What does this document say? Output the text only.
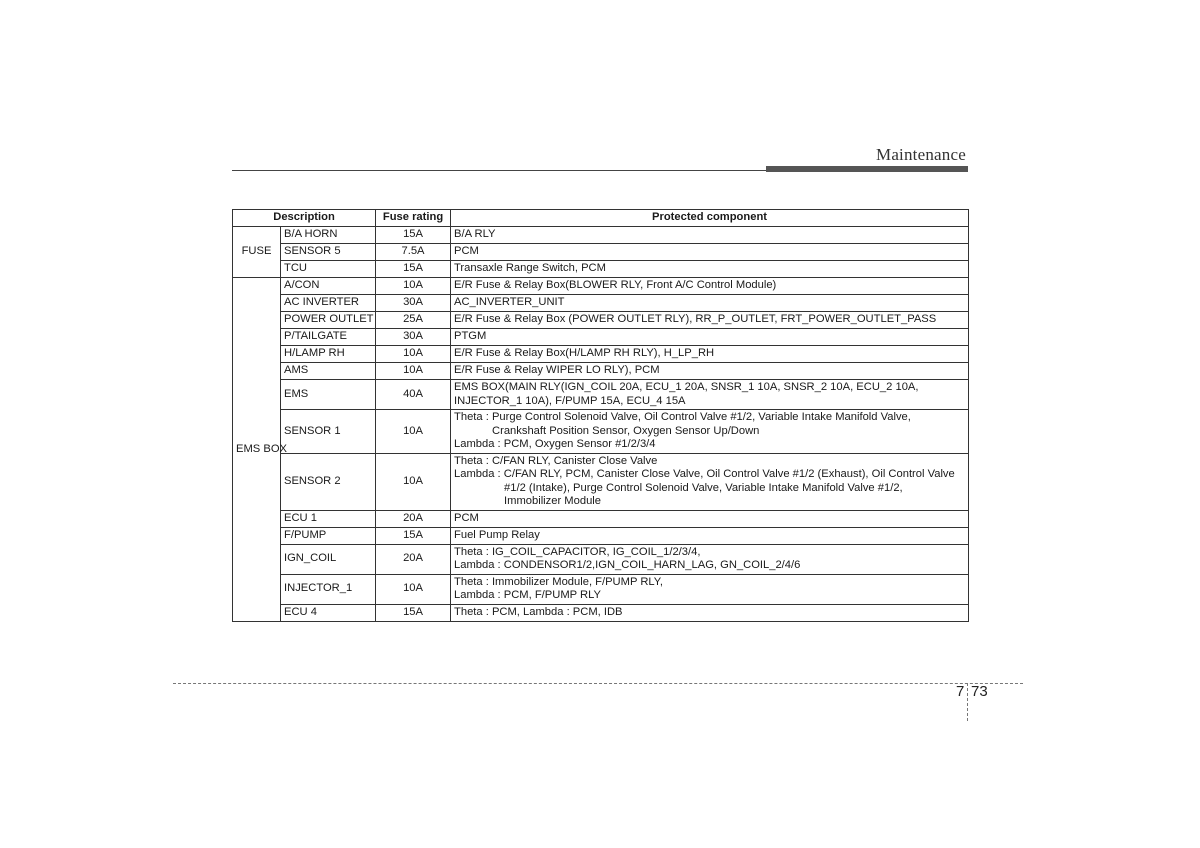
Maintenance
Description		Fuse rating	Protected component
FUSE	B/A HORN	15A	B/A RLY

	SENSOR 5	7.5A	PCM

	TCU	15A	Transaxle Range Switch, PCM

EMS BOX	A/CON	10A	E/R Fuse & Relay Box(BLOWER RLY, Front A/C Control Module)

	AC INVERTER	30A	AC_INVERTER_UNIT

	POWER OUTLET	25A	E/R Fuse & Relay Box (POWER OUTLET RLY), RR_P_OUTLET, FRT_POWER_OUTLET_PASS

	P/TAILGATE	30A	PTGM

	H/LAMP RH	10A	E/R Fuse & Relay Box(H/LAMP RH RLY), H_LP_RH

	AMS	10A	E/R Fuse & Relay WIPER LO RLY), PCM

	EMS	40A	EMS BOX(MAIN RLY(IGN_COIL 20A, ECU_1 20A, SNSR_1 10A, SNSR_2 10A, ECU_2 10A,
INJECTOR_1 10A), F/PUMP 15A, ECU_4 15A

	SENSOR 1	10A	Theta : Purge Control Solenoid Valve, Oil Control Valve #1/2, Variable Intake Manifold Valve,
Crankshaft Position Sensor, Oxygen Sensor Up/Down
Lambda : PCM, Oxygen Sensor #1/2/3/4

	SENSOR 2	10A	Theta : C/FAN RLY, Canister Close Valve
Lambda : C/FAN RLY, PCM, Canister Close Valve, Oil Control Valve #1/2 (Exhaust), Oil Control Valve
#1/2 (Intake), Purge Control Solenoid Valve, Variable Intake Manifold Valve #1/2,
Immobilizer Module

	ECU 1	20A	PCM

	F/PUMP	15A	Fuel Pump Relay

	IGN_COIL	20A	Theta : IG_COIL_CAPACITOR, IG_COIL_1/2/3/4,
Lambda : CONDENSOR1/2,IGN_COIL_HARN_LAG, GN_COIL_2/4/6

	INJECTOR_1	10A	Theta : Immobilizer Module, F/PUMP RLY,
Lambda : PCM, F/PUMP RLY

	ECU 4	15A	Theta : PCM, Lambda : PCM, IDB
7 73
